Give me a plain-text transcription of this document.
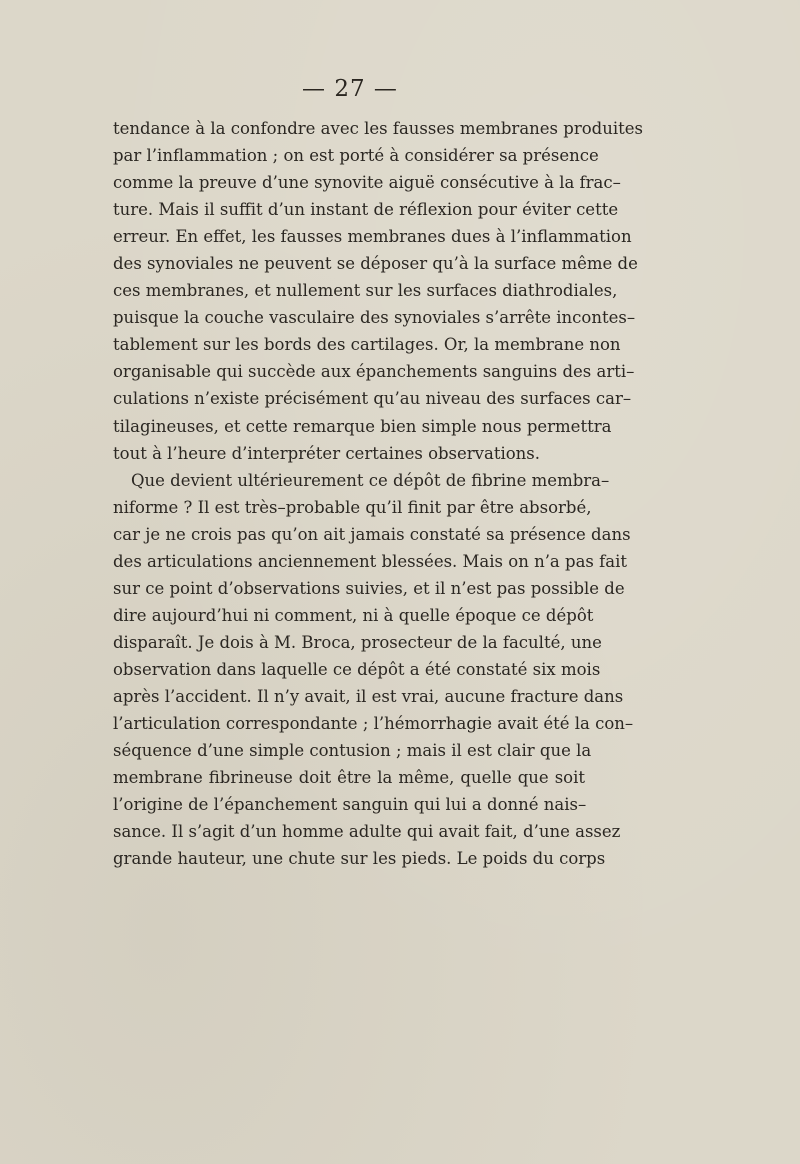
— 27 —
tendance à la confondre avec les fausses membranes produites
par l’inflammation ; on est porté à considérer sa présence
comme la preuve d’une synovite aiguë consécutive à la frac–
ture. Mais il suffit d’un instant de réflexion pour éviter cette
erreur. En effet, les fausses membranes dues à l’inflammation
des synoviales ne peuvent se déposer qu’à la surface même de
ces membranes, et nullement sur les surfaces diathrodiales,
puisque la couche vasculaire des synoviales s’arrête incontes–
tablement sur les bords des cartilages. Or, la membrane non
organisable qui succède aux épanchements sanguins des arti–
culations n’existe précisément qu’au niveau des surfaces car–
tilagineuses, et cette remarque bien simple nous permettra
tout à l’heure d’interpréter certaines observations.
Que devient ultérieurement ce dépôt de fibrine membra–
niforme ? Il est très–probable qu’il finit par être absorbé,
car je ne crois pas qu’on ait jamais constaté sa présence dans
des articulations anciennement blessées. Mais on n’a pas fait
sur ce point d’observations suivies, et il n’est pas possible de
dire aujourd’hui ni comment, ni à quelle époque ce dépôt
disparaît. Je dois à M. Broca, prosecteur de la faculté, une
observation dans laquelle ce dépôt a été constaté six mois
après l’accident. Il n’y avait, il est vrai, aucune fracture dans
l’articulation correspondante ; l’hémorrhagie avait été la con–
séquence d’une simple contusion ; mais il est clair que la
membrane fibrineuse doit être la même, quelle que soit
l’origine de l’épanchement sanguin qui lui a donné nais–
sance. Il s’agit d’un homme adulte qui avait fait, d’une assez
grande hauteur, une chute sur les pieds. Le poids du corps
